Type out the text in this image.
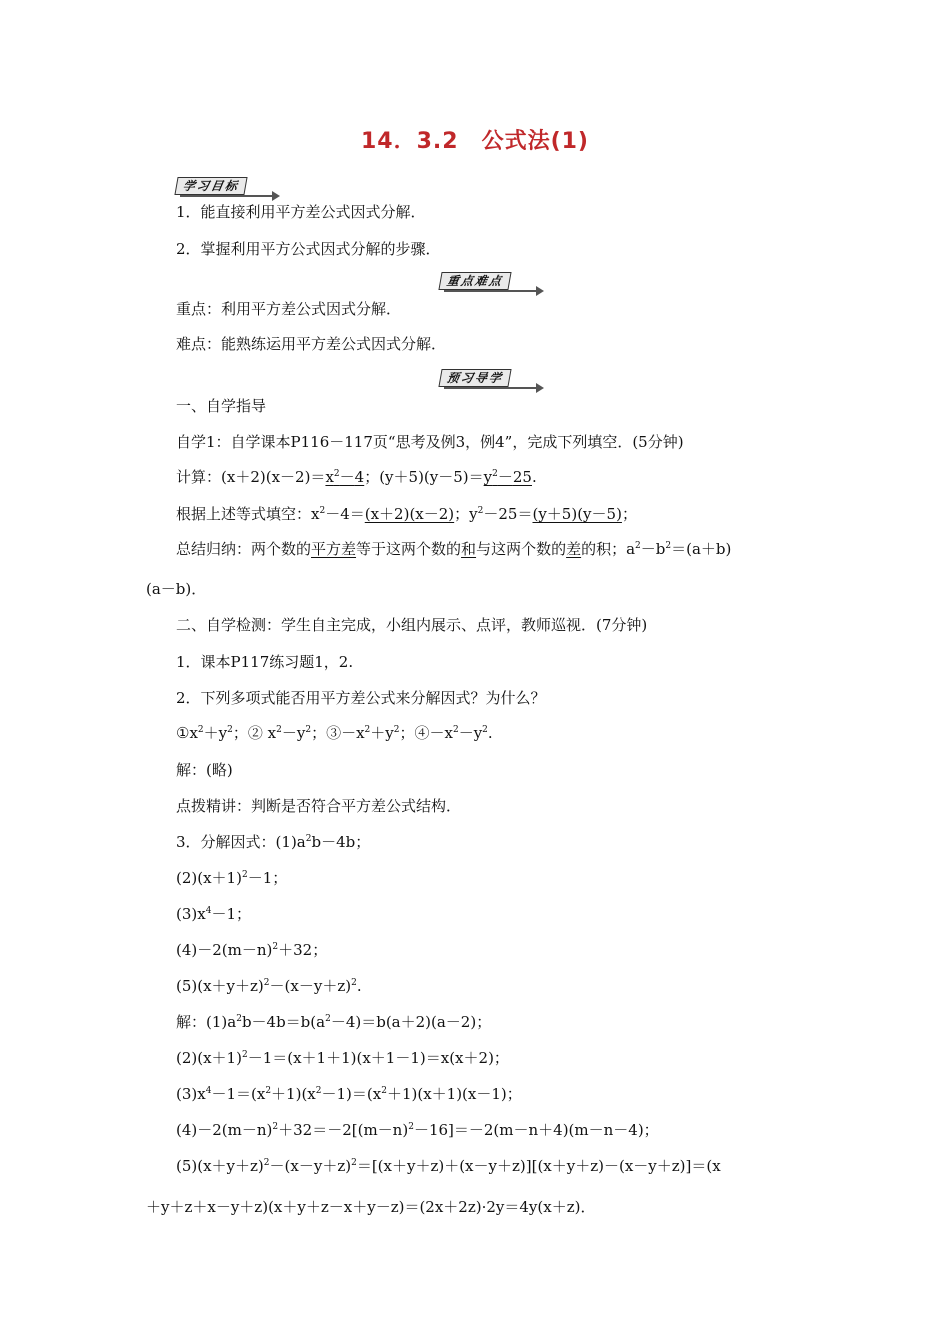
14．3.2　公式法(1)
学习目标
1．能直接利用平方差公式因式分解．
2．掌握利用平方公式因式分解的步骤．
重点难点
重点：利用平方差公式因式分解．
难点：能熟练运用平方差公式因式分解．
预习导学
一、自学指导
自学1：自学课本P116－117页“思考及例3，例4”，完成下列填空．(5分钟)
计算：$(x+2)(x-2)=x^2-4$；$(y+5)(y-5)=y^2-25$.
根据上述等式填空：$x^2-4=(x+2)(x-2)$；$y^2-25=(y+5)(y-5)$；
总结归纳：两个数的平方差等于这两个数的和与这两个数的差的积；$a^2-b^2=(a+b)$
(a－b)．
二、自学检测：学生自主完成，小组内展示、点评，教师巡视．(7分钟)
1．课本P117练习题1，2.
2．下列多项式能否用平方差公式来分解因式？为什么？
$①x^2+y^2$；② $x^2-y^2$；$③-x^2+y^2$；$④-x^2-y^2$.
解：(略)
点拨精讲：判断是否符合平方差公式结构．
3．分解因式：$(1)a^2b-4b$；
$(2)(x+1)^2-1$；
$(3)x^4-1$；
$(4)-2(m-n)^2+32$；
$(5)(x+y+z)^2-(x-y+z)^2$.
解：$(1)a^2b-4b=b(a^2-4)=b(a+2)(a-2)$；
$(2)(x+1)^2-1=(x+1+1)(x+1-1)=x(x+2)$；
$(3)x^4-1=(x^2+1)(x^2-1)=(x^2+1)(x+1)(x-1)$；
$(4)-2(m-n)^2+32=-2[(m-n)^2-16]=-2(m-n+4)(m-n-4)$；
$(5)(x+y+z)^2-(x-y+z)^2=[(x+y+z)+(x-y+z)][(x+y+z)-(x-y+z)]=(x$
＋y＋z＋x－y＋z)(x＋y＋z－x＋y－z)＝(2x＋2z)·2y＝4y(x＋z)．
